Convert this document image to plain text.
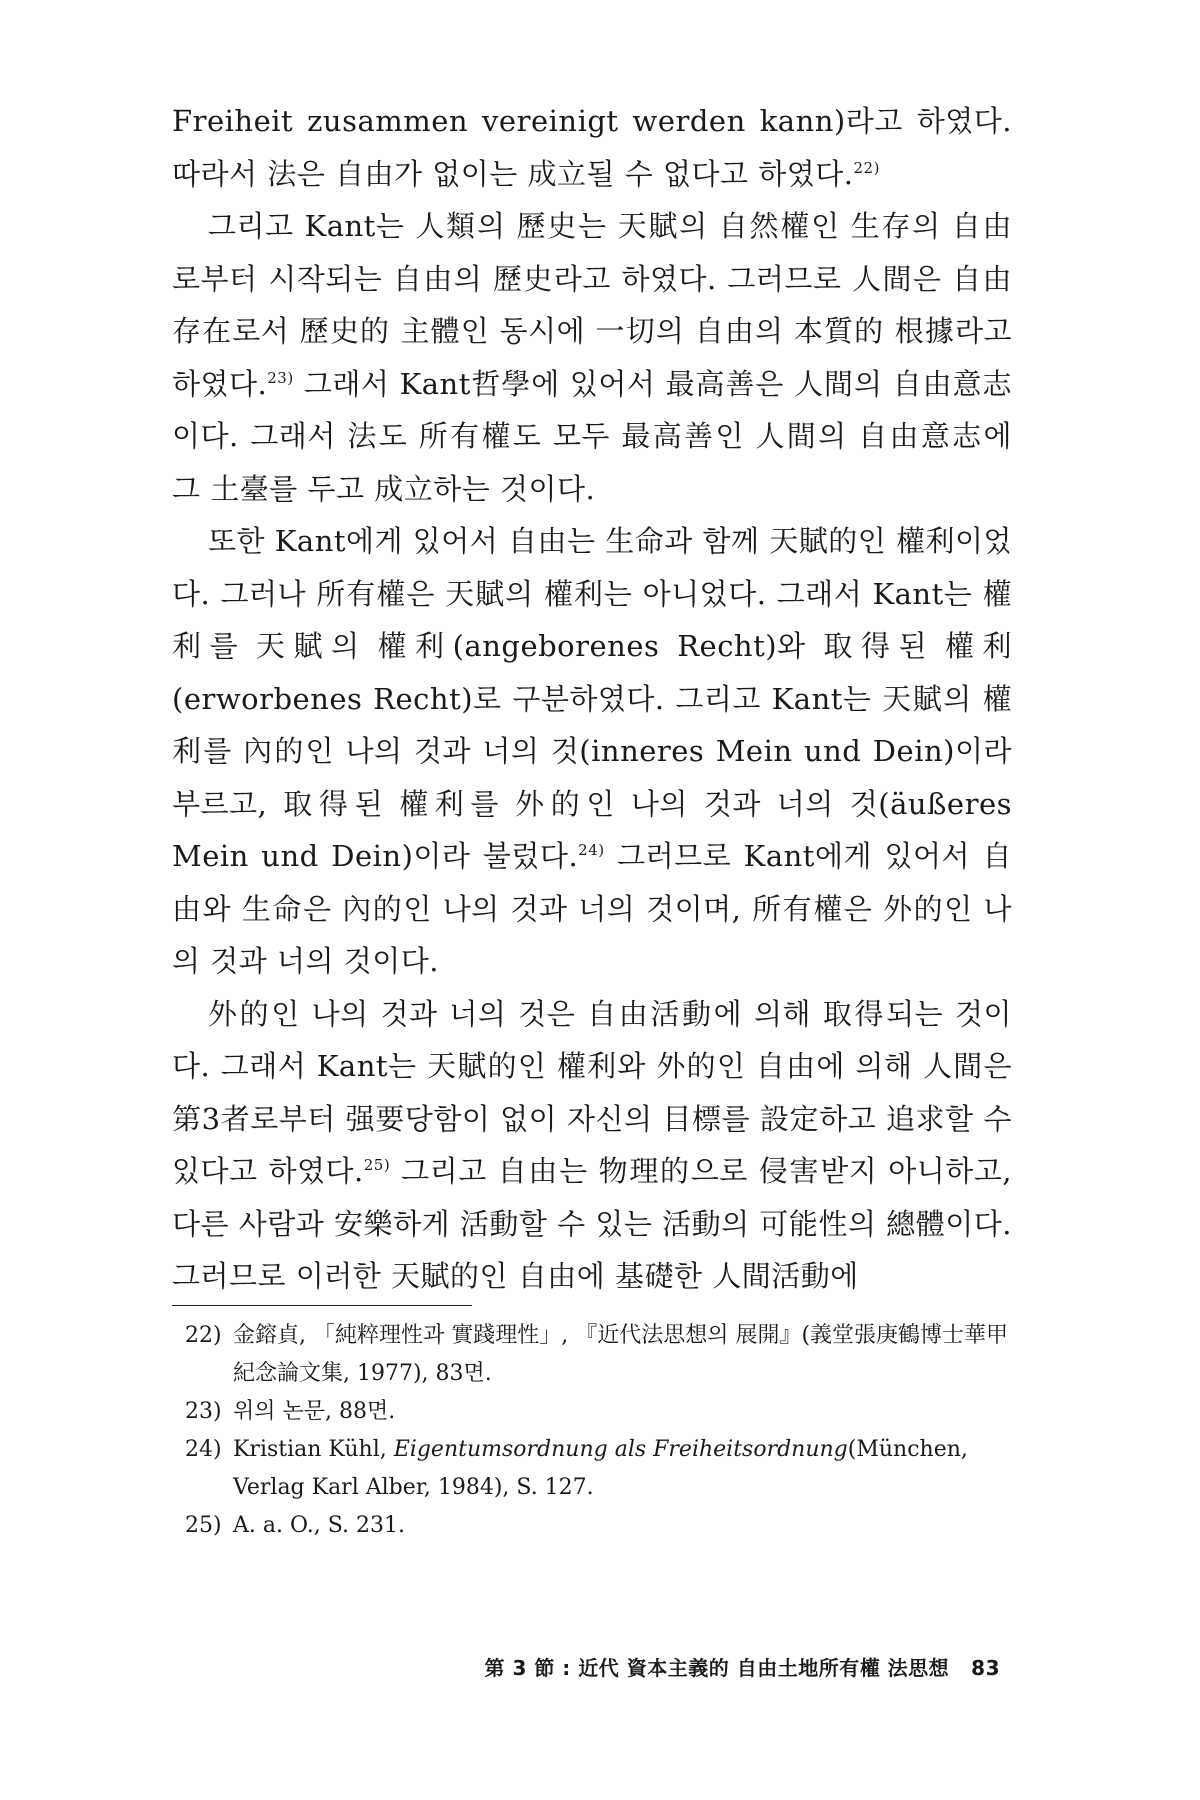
Freiheit zusammen vereinigt werden kann)라고 하였다. 따라서 法은 自由가 없이는 成立될 수 없다고 하였다.$^{22)}$

그리고 Kant는 人類의 歷史는 天賦의 自然權인 生存의 自由로부터 시작되는 自由의 歷史라고 하였다. 그러므로 人間은 自由存在로서 歷史的 主體인 동시에 一切의 自由의 本質的 根據라고 하였다.$^{23)}$ 그래서 Kant哲學에 있어서 最高善은 人間의 自由意志이다. 그래서 法도 所有權도 모두 最高善인 人間의 自由意志에 그 土臺를 두고 成立하는 것이다.

또한 Kant에게 있어서 自由는 生命과 함께 天賦的인 權利이었다. 그러나 所有權은 天賦의 權利는 아니었다. 그래서 Kant는 權利를 天賦의 權利(angeborenes Recht)와 取得된 權利(erworbenes Recht)로 구분하였다. 그리고 Kant는 天賦의 權利를 內的인 나의 것과 너의 것(inneres Mein und Dein)이라 부르고, 取得된 權利를 外的인 나의 것과 너의 것(äußeres Mein und Dein)이라 불렀다.$^{24)}$ 그러므로 Kant에게 있어서 自由와 生命은 內的인 나의 것과 너의 것이며, 所有權은 外的인 나의 것과 너의 것이다.

外的인 나의 것과 너의 것은 自由活動에 의해 取得되는 것이다. 그래서 Kant는 天賦的인 權利와 外的인 自由에 의해 人間은 第3者로부터 强要당함이 없이 자신의 目標를 設定하고 追求할 수 있다고 하였다.$^{25)}$ 그리고 自由는 物理的으로 侵害받지 아니하고, 다른 사람과 安樂하게 活動할 수 있는 活動의 可能性의 總體이다. 그러므로 이러한 天賦的인 自由에 基礎한 人間活動에

22) 金鎔貞, 「純粹理性과 實踐理性」, 『近代法思想의 展開』(義堂張庚鶴博士華甲紀念論文集, 1977), 83면.
23) 위의 논문, 88면.
24) Kristian Kühl, Eigentumsordnung als Freiheitsordnung(München, Verlag Karl Alber, 1984), S. 127.
25) A. a. O., S. 231.
第 3 節 : 近代 資本主義的 自由土地所有權 法思想 83
